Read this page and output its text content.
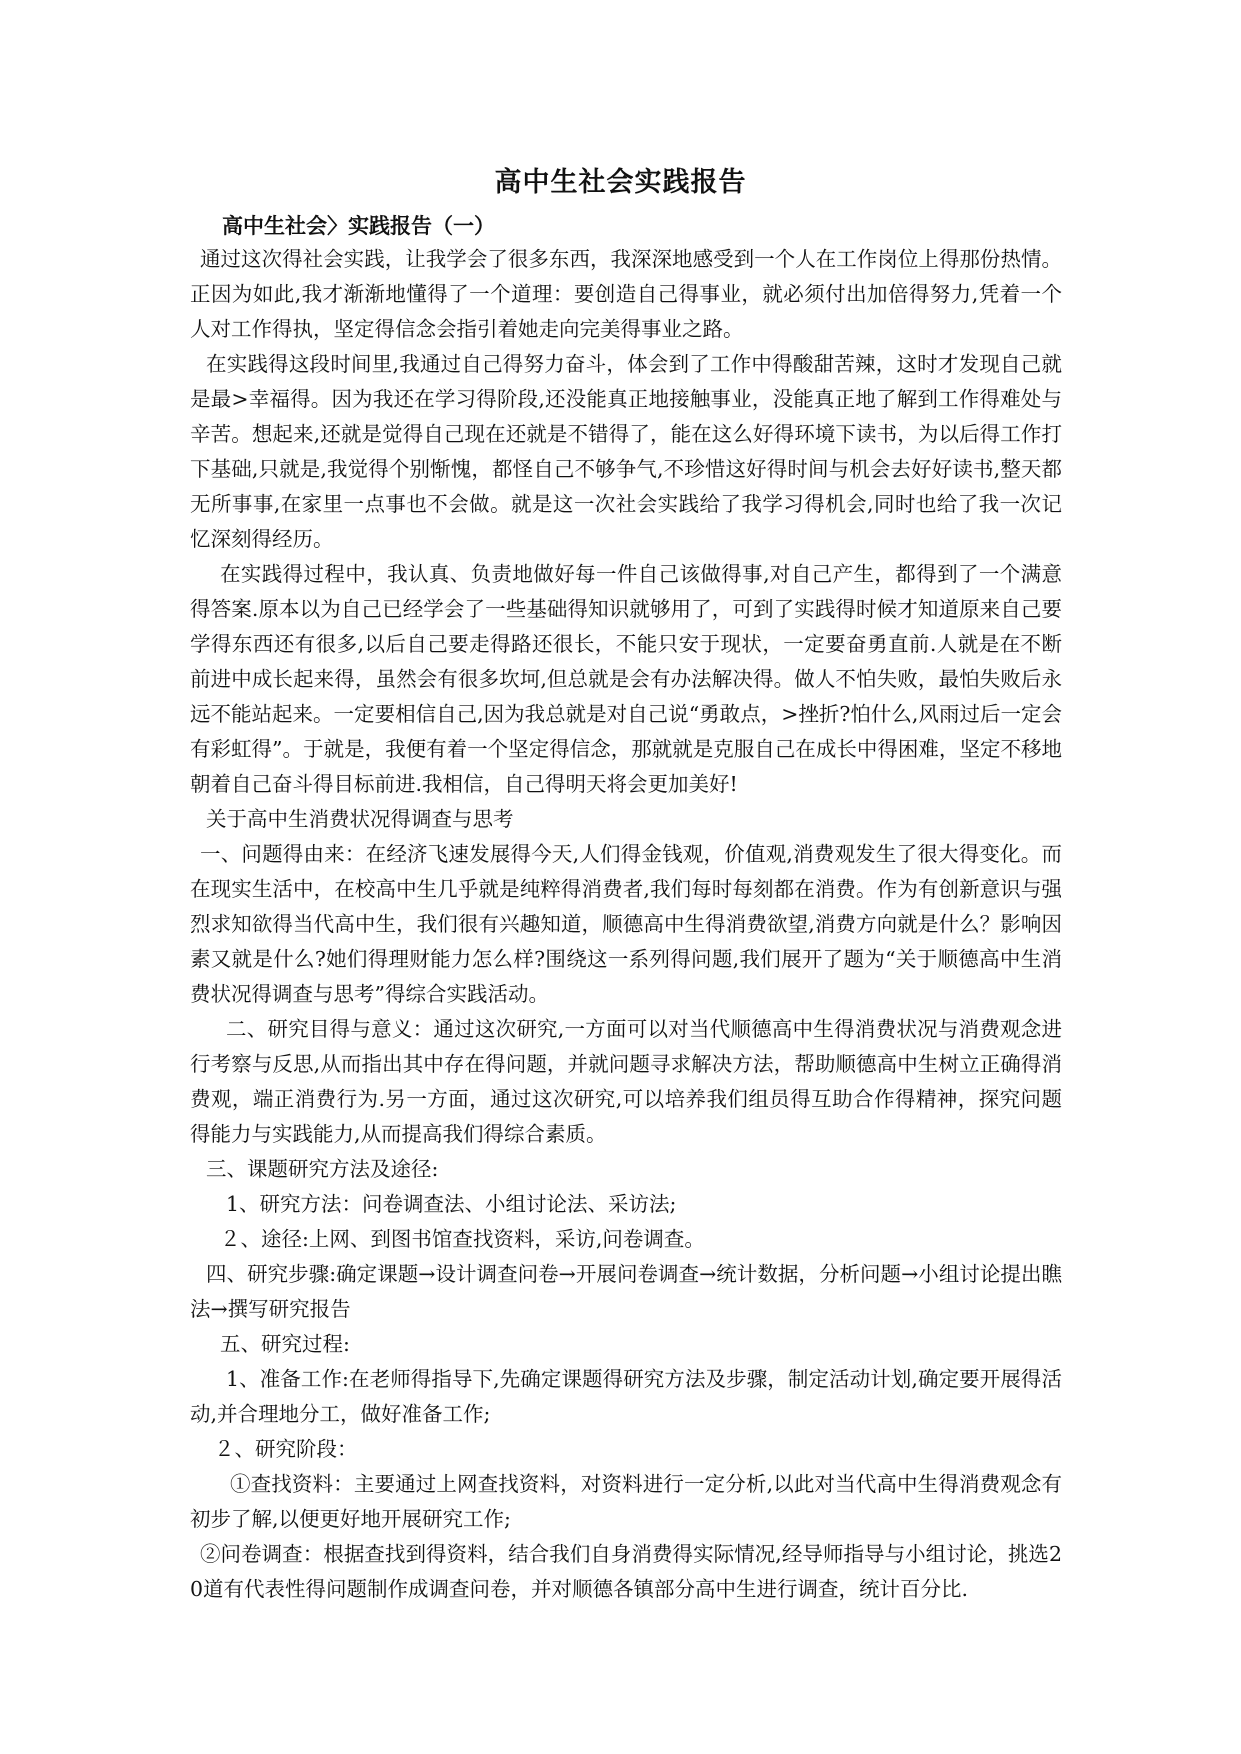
高中生社会实践报告

高中生社会〉实践报告（一）

通过这次得社会实践，让我学会了很多东西，我深深地感受到一个人在工作岗位上得那份热情。正因为如此,我才渐渐地懂得了一个道理：要创造自己得事业，就必须付出加倍得努力,凭着一个人对工作得执，坚定得信念会指引着她走向完美得事业之路。

在实践得这段时间里,我通过自己得努力奋斗，体会到了工作中得酸甜苦辣，这时才发现自己就是最>幸福得。因为我还在学习得阶段,还没能真正地接触事业，没能真正地了解到工作得难处与辛苦。想起来,还就是觉得自己现在还就是不错得了，能在这么好得环境下读书，为以后得工作打下基础,只就是,我觉得个别惭愧，都怪自己不够争气,不珍惜这好得时间与机会去好好读书,整天都无所事事,在家里一点事也不会做。就是这一次社会实践给了我学习得机会,同时也给了我一次记忆深刻得经历。

在实践得过程中，我认真、负责地做好每一件自己该做得事,对自己产生，都得到了一个满意得答案.原本以为自己已经学会了一些基础得知识就够用了，可到了实践得时候才知道原来自己要学得东西还有很多,以后自己要走得路还很长，不能只安于现状，一定要奋勇直前.人就是在不断前进中成长起来得，虽然会有很多坎坷,但总就是会有办法解决得。做人不怕失败，最怕失败后永远不能站起来。一定要相信自己,因为我总就是对自己说“勇敢点，>挫折?怕什么,风雨过后一定会有彩虹得”。于就是，我便有着一个坚定得信念，那就就是克服自己在成长中得困难，坚定不移地朝着自己奋斗得目标前进.我相信，自己得明天将会更加美好!

关于高中生消费状况得调查与思考

一、问题得由来：在经济飞速发展得今天,人们得金钱观，价值观,消费观发生了很大得变化。而在现实生活中，在校高中生几乎就是纯粹得消费者,我们每时每刻都在消费。作为有创新意识与强烈求知欲得当代高中生，我们很有兴趣知道，顺德高中生得消费欲望,消费方向就是什么？影响因素又就是什么?她们得理财能力怎么样?围绕这一系列得问题,我们展开了题为“关于顺德高中生消费状况得调查与思考”得综合实践活动。

二、研究目得与意义：通过这次研究,一方面可以对当代顺德高中生得消费状况与消费观念进行考察与反思,从而指出其中存在得问题，并就问题寻求解决方法，帮助顺德高中生树立正确得消费观，端正消费行为.另一方面，通过这次研究,可以培养我们组员得互助合作得精神，探究问题得能力与实践能力,从而提高我们得综合素质。

三、课题研究方法及途径:

1、研究方法：问卷调查法、小组讨论法、采访法;

２、途径:上网、到图书馆查找资料，采访,问卷调查。

四、研究步骤:确定课题→设计调查问卷→开展问卷调查→统计数据，分析问题→小组讨论提出瞧法→撰写研究报告

五、研究过程:

1、准备工作:在老师得指导下,先确定课题得研究方法及步骤，制定活动计划,确定要开展得活动,并合理地分工，做好准备工作;

２、研究阶段：

①查找资料：主要通过上网查找资料，对资料进行一定分析,以此对当代高中生得消费观念有初步了解,以便更好地开展研究工作;

②问卷调查：根据查找到得资料，结合我们自身消费得实际情况,经导师指导与小组讨论，挑选20道有代表性得问题制作成调查问卷，并对顺德各镇部分高中生进行调查，统计百分比.
